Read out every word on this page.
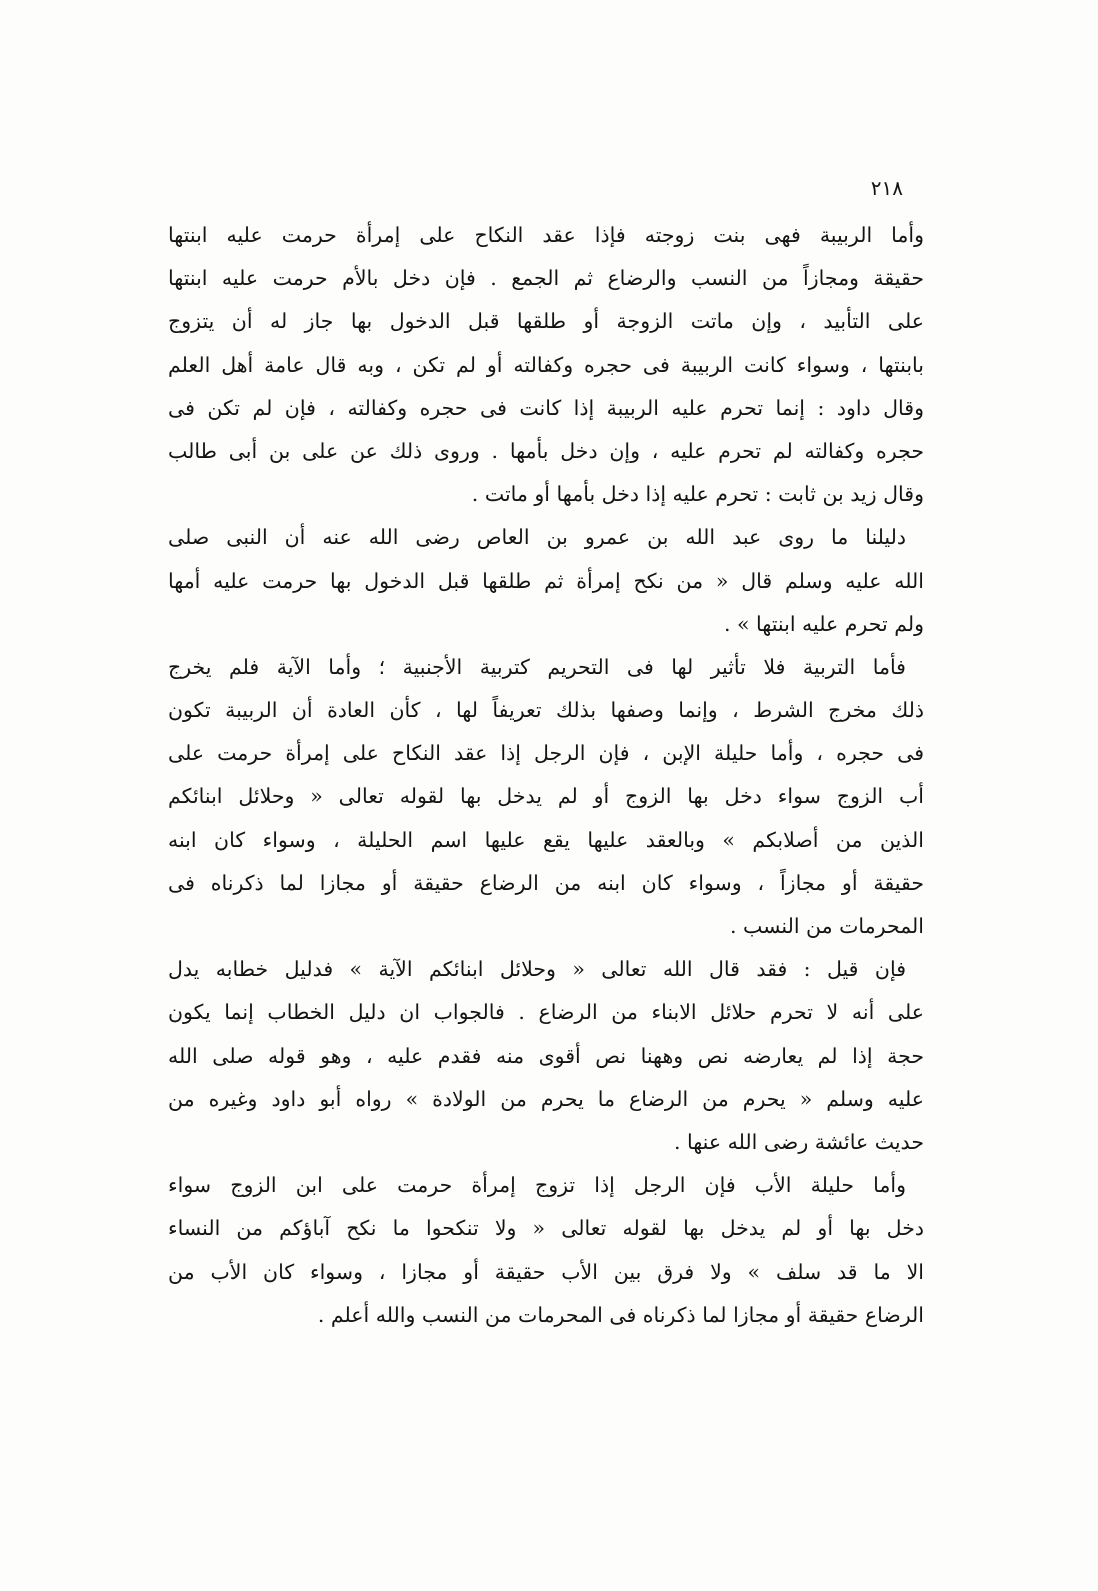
٢١٨
وأما الربيبة فهى بنت زوجته فإذا عقد النكاح على إمرأة حرمت عليه ابنتها
حقيقة ومجازاً من النسب والرضاع ثم الجمع . فإن دخل بالأم حرمت عليه ابنتها
على التأبيد ، وإن ماتت الزوجة أو طلقها قبل الدخول بها جاز له أن يتزوج
بابنتها ، وسواء كانت الربيبة فى حجره وكفالته أو لم تكن ، وبه قال عامة أهل العلم
وقال داود : إنما تحرم عليه الربيبة إذا كانت فى حجره وكفالته ، فإن لم تكن فى
حجره وكفالته لم تحرم عليه ، وإن دخل بأمها . وروى ذلك عن على بن أبى طالب
وقال زيد بن ثابت : تحرم عليه إذا دخل بأمها أو ماتت .
دليلنا ما روى عبد الله بن عمرو بن العاص رضى الله عنه أن النبى صلى
الله عليه وسلم قال « من نكح إمرأة ثم طلقها قبل الدخول بها حرمت عليه أمها
ولم تحرم عليه ابنتها » .
فأما التربية فلا تأثير لها فى التحريم كتربية الأجنبية ؛ وأما الآية فلم يخرج
ذلك مخرج الشرط ، وإنما وصفها بذلك تعريفاً لها ، كأن العادة أن الربيبة تكون
فى حجره ، وأما حليلة الإبن ، فإن الرجل إذا عقد النكاح على إمرأة حرمت على
أب الزوج سواء دخل بها الزوج أو لم يدخل بها لقوله تعالى « وحلائل ابنائكم
الذين من أصلابكم » وبالعقد عليها يقع عليها اسم الحليلة ، وسواء كان ابنه
حقيقة أو مجازاً ، وسواء كان ابنه من الرضاع حقيقة أو مجازا لما ذكرناه فى
المحرمات من النسب .
فإن قيل : فقد قال الله تعالى « وحلائل ابنائكم الآية » فدليل خطابه يدل
على أنه لا تحرم حلائل الابناء من الرضاع . فالجواب ان دليل الخطاب إنما يكون
حجة إذا لم يعارضه نص وههنا نص أقوى منه فقدم عليه ، وهو قوله صلى الله
عليه وسلم « يحرم من الرضاع ما يحرم من الولادة » رواه أبو داود وغيره من
حديث عائشة رضى الله عنها .
وأما حليلة الأب فإن الرجل إذا تزوج إمرأة حرمت على ابن الزوج سواء
دخل بها أو لم يدخل بها لقوله تعالى « ولا تنكحوا ما نكح آباؤكم من النساء
الا ما قد سلف » ولا فرق بين الأب حقيقة أو مجازا ، وسواء كان الأب من
الرضاع حقيقة أو مجازا لما ذكرناه فى المحرمات من النسب والله أعلم .
